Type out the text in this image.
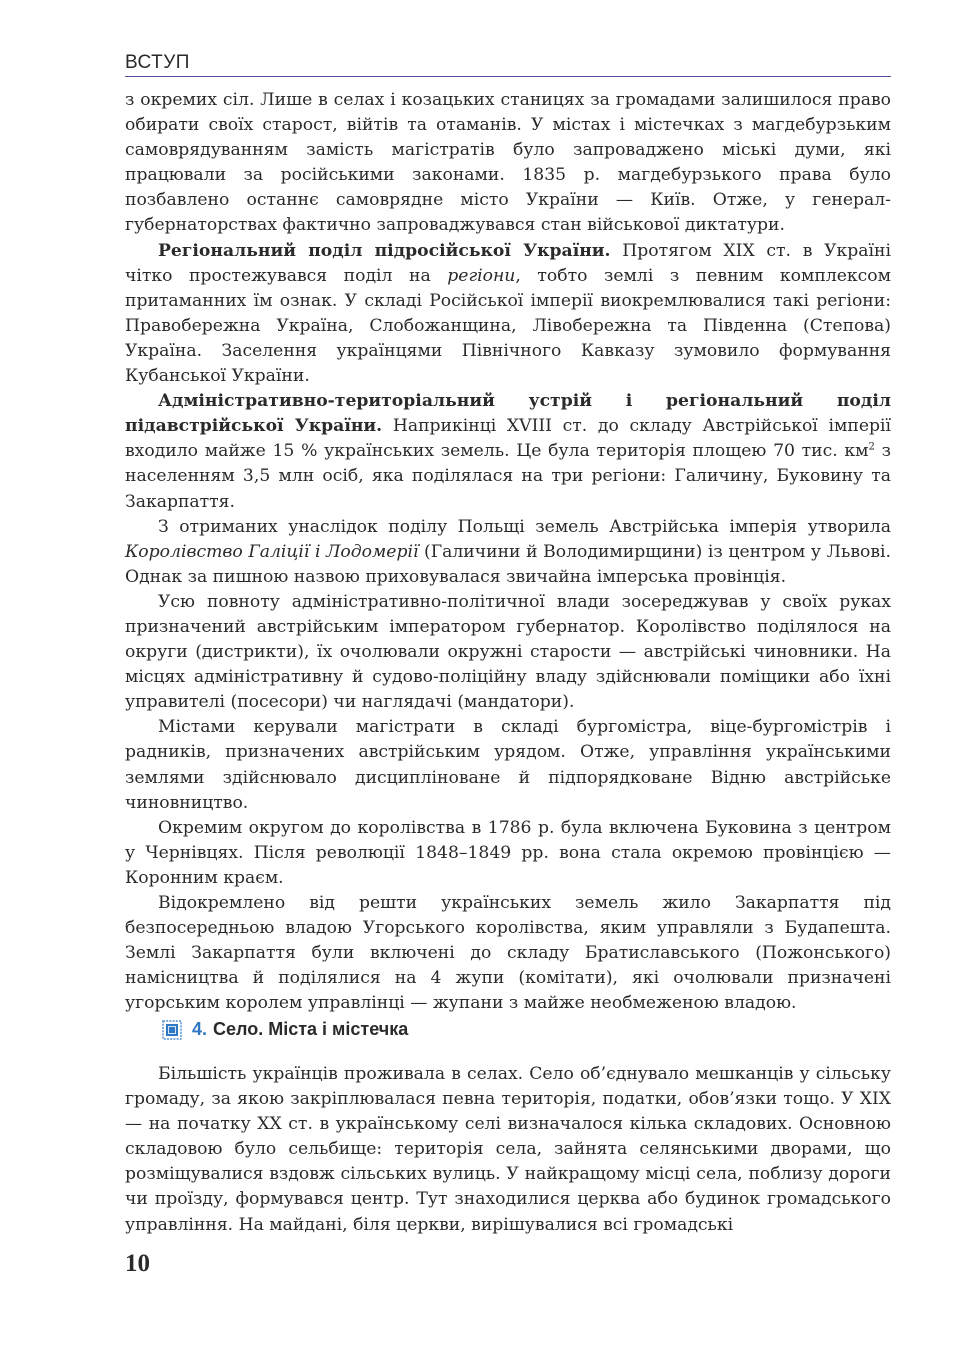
ВСТУП

з окремих сіл. Лише в селах і козацьких станицях за громадами залишилося право обирати своїх старост, війтів та отаманів. У містах і містечках з магдебурзьким самоврядуванням замість магістратів було запроваджено міські думи, які працювали за російськими законами. 1835 р. магдебурзького права було позбавлено останнє самоврядне місто України — Київ. Отже, у генерал-губернаторствах фактично запроваджувався стан військової диктатури.

Регіональний поділ підросійської України. Протягом XIX ст. в Україні чітко простежувався поділ на регіони, тобто землі з певним комплексом притаманних їм ознак. У складі Російської імперії виокремлювалися такі регіони: Правобережна Україна, Слобожанщина, Лівобережна та Південна (Степова) Україна. Заселення українцями Північного Кавказу зумовило формування Кубанської України.

Адміністративно-територіальний устрій і регіональний поділ підавстрійської України. Наприкінці XVIII ст. до складу Австрійської імперії входило майже 15 % українських земель. Це була територія площею 70 тис. $км^2$ з населенням 3,5 млн осіб, яка поділялася на три регіони: Галичину, Буковину та Закарпаття.

З отриманих унаслідок поділу Польщі земель Австрійська імперія утворила Королівство Галіції і Лодомерії (Галичини й Володимирщини) із центром у Львові. Однак за пишною назвою приховувалася звичайна імперська провінція.

Усю повноту адміністративно-політичної влади зосереджував у своїх руках призначений австрійським імператором губернатор. Королівство поділялося на округи (дистрикти), їх очолювали окружні старости — австрійські чиновники. На місцях адміністративну й судово-поліційну владу здійснювали поміщики або їхні управителі (посесори) чи наглядачі (мандатори).

Містами керували магістрати в складі бургомістра, віце-бургомістрів і радників, призначених австрійським урядом. Отже, управління українськими землями здійснювало дисципліноване й підпорядковане Відню австрійське чиновництво.

Окремим округом до королівства в 1786 р. була включена Буковина з центром у Чернівцях. Після революції 1848–1849 рр. вона стала окремою провінцією — Коронним краєм.

Відокремлено від решти українських земель жило Закарпаття під безпосередньою владою Угорського королівства, яким управляли з Будапешта. Землі Закарпаття були включені до складу Братиславського (Пожонського) намісництва й поділялися на 4 жупи (комітати), які очолювали призначені угорським королем управлінці — жупани з майже необмеженою владою.

4. Село. Міста і містечка

Більшість українців проживала в селах. Село об’єднувало мешканців у сільську громаду, за якою закріплювалася певна територія, податки, обов’язки тощо. У XIX — на початку XX ст. в українському селі визначалося кілька складових. Основною складовою було сельбище: територія села, зайнята селянськими дворами, що розміщувалися вздовж сільських вулиць. У найкращому місці села, поблизу дороги чи проїзду, формувався центр. Тут знаходилися церква або будинок громадського управління. На майдані, біля церкви, вирішувалися всі громадські

10
